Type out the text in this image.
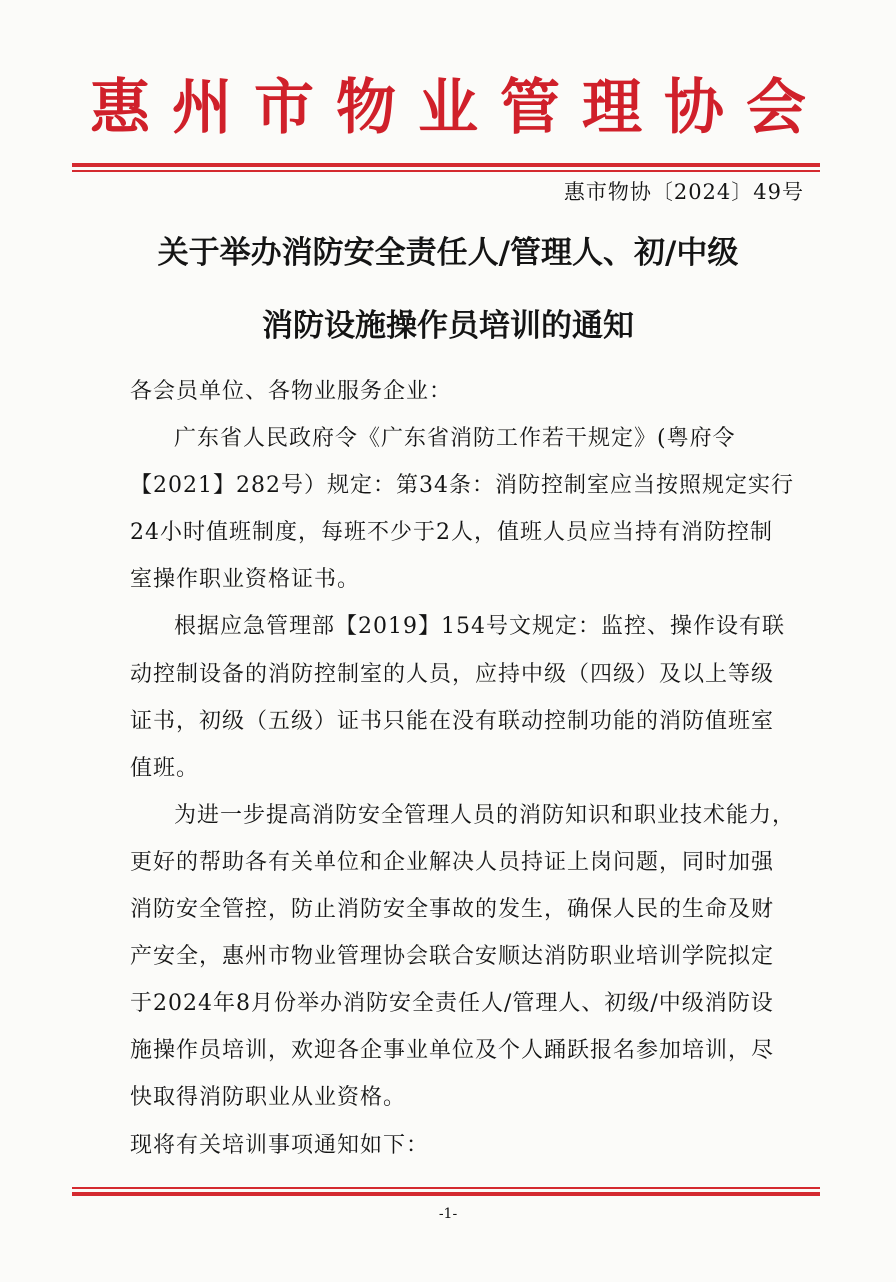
惠州市物业管理协会
惠市物协〔2024〕49号
关于举办消防安全责任人/管理人、初/中级
消防设施操作员培训的通知

各会员单位、各物业服务企业：

广东省人民政府令《广东省消防工作若干规定》(粤府令【2021】282号）规定：第34条：消防控制室应当按照规定实行24小时值班制度，每班不少于2人，值班人员应当持有消防控制室操作职业资格证书。

根据应急管理部【2019】154号文规定：监控、操作设有联动控制设备的消防控制室的人员，应持中级（四级）及以上等级证书，初级（五级）证书只能在没有联动控制功能的消防值班室值班。

为进一步提高消防安全管理人员的消防知识和职业技术能力，更好的帮助各有关单位和企业解决人员持证上岗问题，同时加强消防安全管控，防止消防安全事故的发生，确保人民的生命及财产安全，惠州市物业管理协会联合安顺达消防职业培训学院拟定于2024年8月份举办消防安全责任人/管理人、初级/中级消防设施操作员培训，欢迎各企事业单位及个人踊跃报名参加培训，尽快取得消防职业从业资格。

现将有关培训事项通知如下：

-1-
